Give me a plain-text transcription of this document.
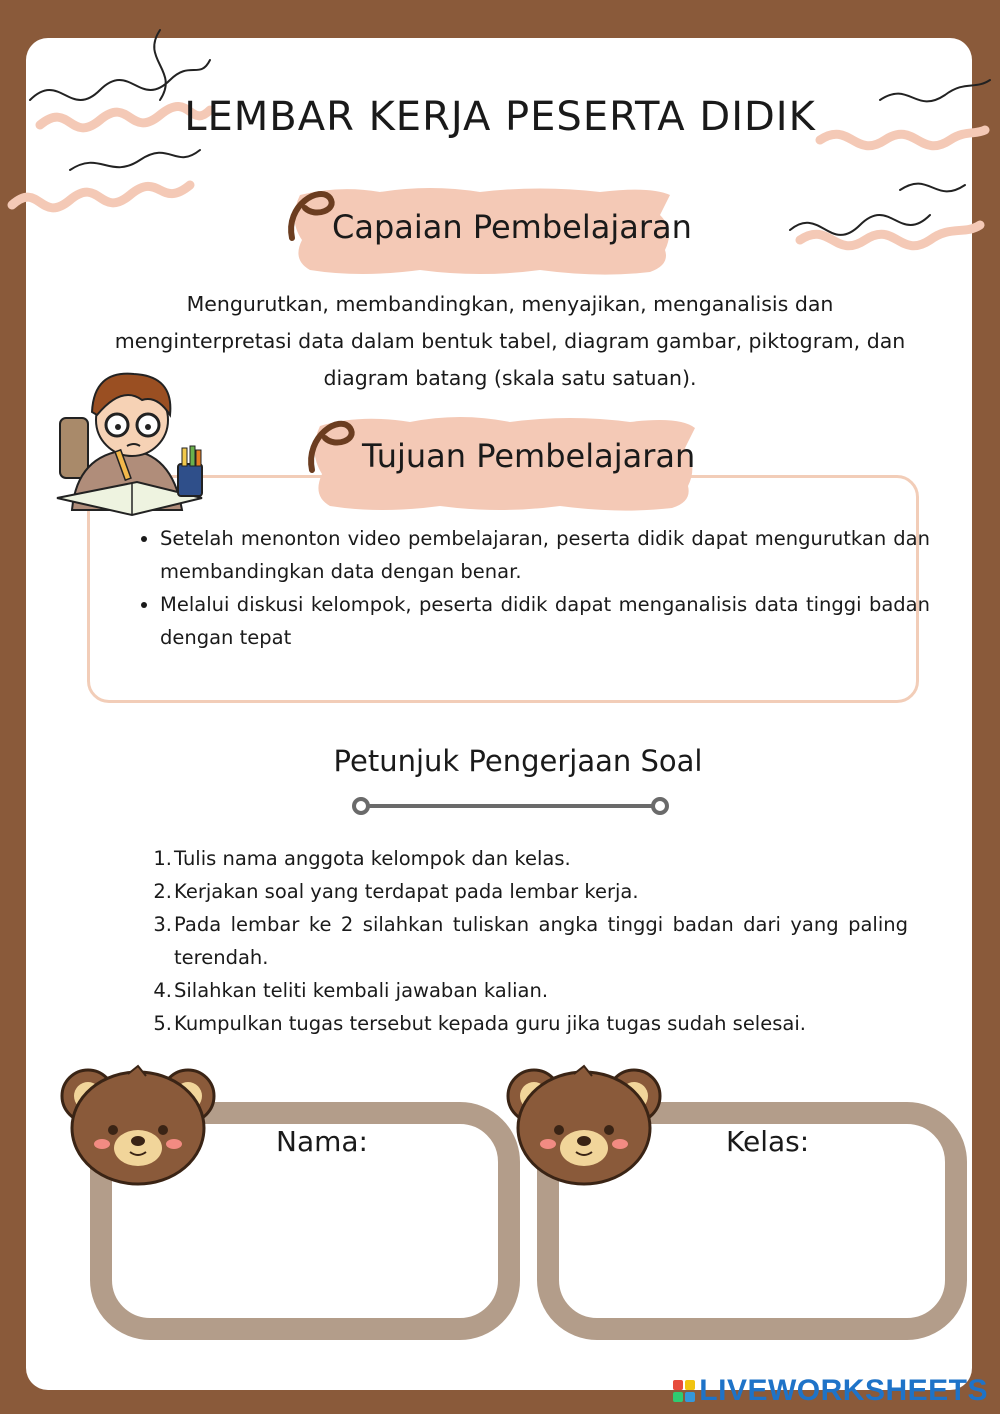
LEMBAR KERJA PESERTA DIDIK
Capaian Pembelajaran
Mengurutkan, membandingkan, menyajikan, menganalisis dan menginterpretasi data dalam bentuk tabel, diagram gambar, piktogram, dan diagram batang (skala satu satuan).
Tujuan Pembelajaran
• Setelah menonton video pembelajaran, peserta didik dapat mengurutkan dan membandingkan data dengan benar.
• Melalui diskusi kelompok, peserta didik dapat menganalisis data tinggi badan dengan tepat
Petunjuk Pengerjaan Soal
1. Tulis nama anggota kelompok dan kelas.
2. Kerjakan soal yang terdapat pada lembar kerja.
3. Pada lembar ke 2 silahkan tuliskan angka tinggi badan dari yang paling terendah.
4. Silahkan teliti kembali jawaban kalian.
5. Kumpulkan tugas tersebut kepada guru jika tugas sudah selesai.
Nama:	Kelas:
LIVEWORKSHEETS
